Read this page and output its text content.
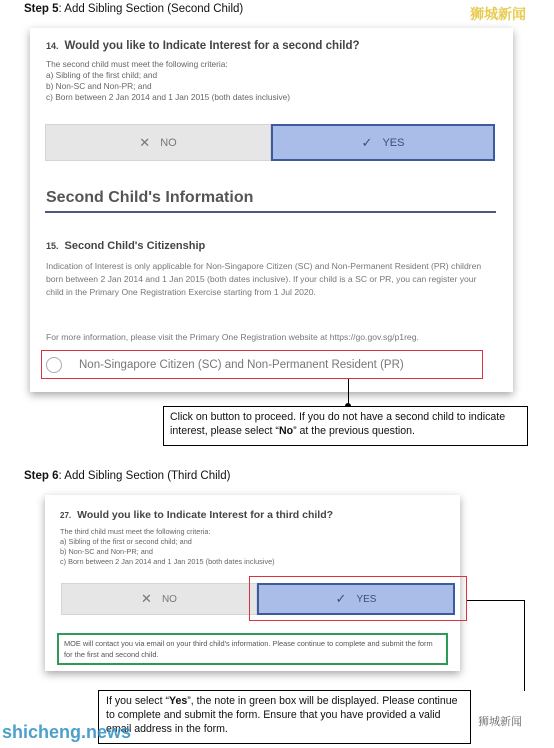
Step 5: Add Sibling Section (Second Child)	狮城新闻
14. Would you like to Indicate Interest for a second child?
The second child must meet the following criteria:
a) Sibling of the first child; and
b) Non-SC and Non-PR; and
c) Born between 2 Jan 2014 and 1 Jan 2015 (both dates inclusive)
✕ NO	✓ YES
Second Child's Information
15. Second Child's Citizenship
Indication of Interest is only applicable for Non-Singapore Citizen (SC) and Non-Permanent Resident (PR) children born between 2 Jan 2014 and 1 Jan 2015 (both dates inclusive). If your child is a SC or PR, you can register your child in the Primary One Registration Exercise starting from 1 Jul 2020.
For more information, please visit the Primary One Registration website at https://go.gov.sg/p1reg.
Non-Singapore Citizen (SC) and Non-Permanent Resident (PR)
Click on button to proceed. If you do not have a second child to indicate interest, please select “No” at the previous question.
Step 6: Add Sibling Section (Third Child)
27. Would you like to Indicate Interest for a third child?
The third child must meet the following criteria:
a) Sibling of the first or second child; and
b) Non-SC and Non-PR; and
c) Born between 2 Jan 2014 and 1 Jan 2015 (both dates inclusive)
✕ NO	✓ YES
MOE will contact you via email on your third child's information. Please continue to complete and submit the form for the first and second child.
If you select “Yes”, the note in green box will be displayed. Please continue to complete and submit the form. Ensure that you have provided a valid email address in the form.
shicheng.news	狮城新闻
